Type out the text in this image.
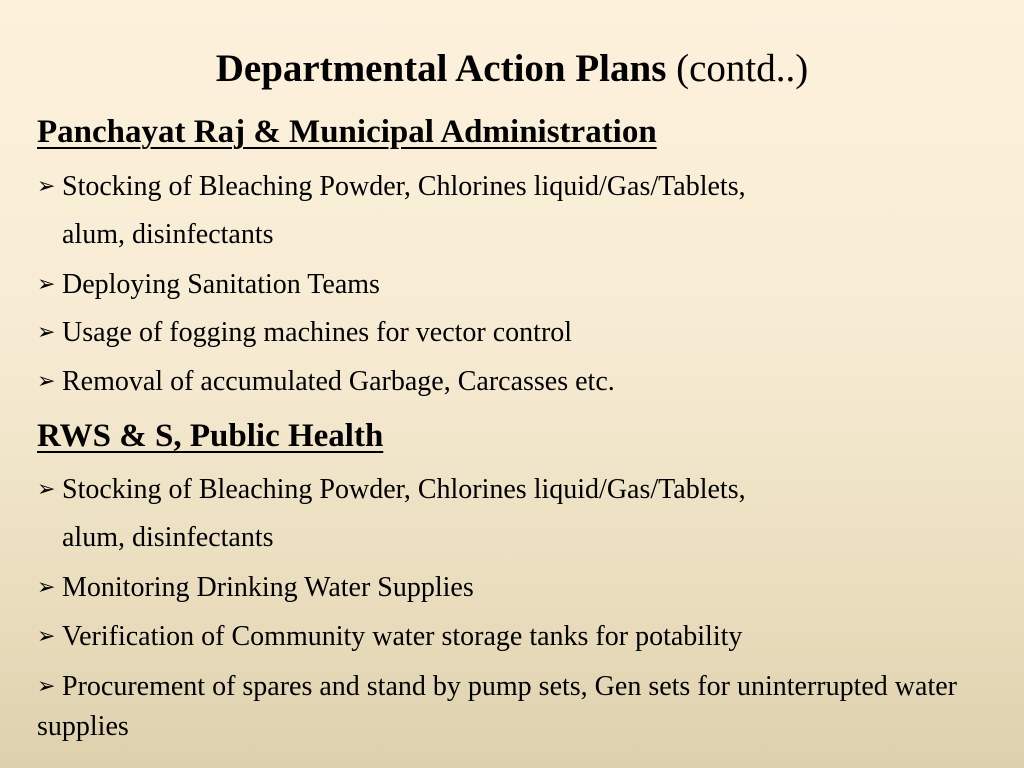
Departmental Action Plans (contd..)
Panchayat Raj & Municipal Administration
➢ Stocking of Bleaching Powder, Chlorines liquid/Gas/Tablets,
alum, disinfectants
➢ Deploying Sanitation Teams
➢ Usage of fogging machines for vector control
➢ Removal of accumulated Garbage, Carcasses etc.
RWS & S, Public Health
➢ Stocking of Bleaching Powder, Chlorines liquid/Gas/Tablets,
alum, disinfectants
➢ Monitoring Drinking Water Supplies
➢ Verification of Community water storage tanks for potability
➢ Procurement of spares and stand by pump sets, Gen sets for uninterrupted water supplies
